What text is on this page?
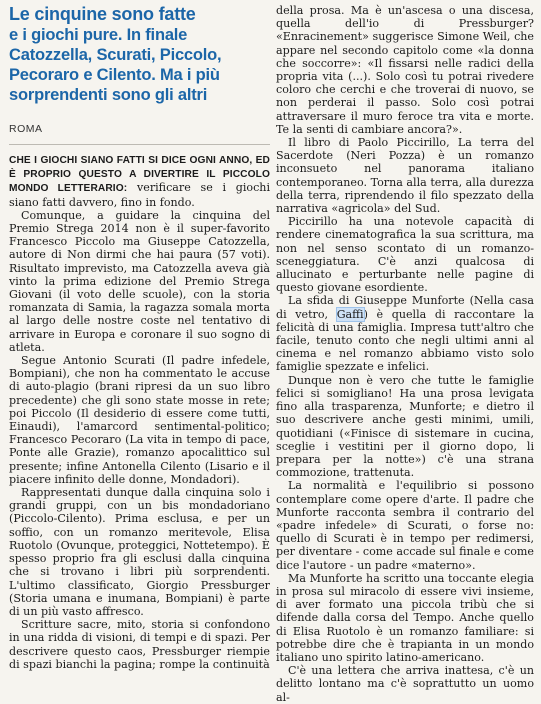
Le cinquine sono fatte
e i giochi pure. In finale Catozzella, Scurati, Piccolo, Pecoraro e Cilento. Ma i più sorprendenti sono gli altri
ROMA

CHE I GIOCHI SIANO FATTI SI DICE OGNI ANNO, ED È PROPRIO QUESTO A DIVERTIRE IL PICCOLO MONDO LETTERARIO: verificare se i giochi siano fatti davvero, fino in fondo.

Comunque, a guidare la cinquina del Premio Strega 2014 non è il super-favorito Francesco Piccolo ma Giuseppe Catozzella, autore di Non dirmi che hai paura (57 voti). Risultato imprevisto, ma Catozzella aveva già vinto la prima edizione del Premio Strega Giovani (il voto delle scuole), con la storia romanzata di Samia, la ragazza somala morta al largo delle nostre coste nel tentativo di arrivare in Europa e coronare il suo sogno di atleta.

Segue Antonio Scurati (Il padre infedele, Bompiani), che non ha commentato le accuse di auto-plagio (brani ripresi da un suo libro precedente) che gli sono state mosse in rete; poi Piccolo (Il desiderio di essere come tutti, Einaudi), l'amarcord sentimental-politico; Francesco Pecoraro (La vita in tempo di pace, Ponte alle Grazie), romanzo apocalittico sul presente; infine Antonella Cilento (Lisario e il piacere infinito delle donne, Mondadori).

Rappresentati dunque dalla cinquina solo i grandi gruppi, con un bis mondadoriano (Piccolo-Cilento). Prima esclusa, e per un soffio, con un romanzo meritevole, Elisa Ruotolo (Ovunque, proteggici, Nottetempo). È spesso proprio fra gli esclusi dalla cinquina che si trovano i libri più sorprendenti. L'ultimo classificato, Giorgio Pressburger (Storia umana e inumana, Bompiani) è parte di un più vasto affresco.

Scritture sacre, mito, storia si confondono in una ridda di visioni, di tempi e di spazi. Per descrivere questo caos, Pressburger riempie di spazi bianchi la pagina; rompe la continuità

della prosa. Ma è un'ascesa o una discesa, quella dell'io di Pressburger? «Enracinement» suggerisce Simone Weil, che appare nel secondo capitolo come «la donna che soccorre»: «Il fissarsi nelle radici della propria vita (...). Solo così tu potrai rivedere coloro che cerchi e che troverai di nuovo, se non perderai il passo. Solo così potrai attraversare il muro feroce tra vita e morte. Te la senti di cambiare ancora?».

Il libro di Paolo Piccirillo, La terra del Sacerdote (Neri Pozza) è un romanzo inconsueto nel panorama italiano contemporaneo. Torna alla terra, alla durezza della terra, riprendendo il filo spezzato della narrativa «agricola» del Sud.

Piccirillo ha una notevole capacità di rendere cinematografica la sua scrittura, ma non nel senso scontato di un romanzo-sceneggiatura. C'è anzi qualcosa di allucinato e perturbante nelle pagine di questo giovane esordiente.

La sfida di Giuseppe Munforte (Nella casa di vetro, Gaffi) è quella di raccontare la felicità di una famiglia. Impresa tutt'altro che facile, tenuto conto che negli ultimi anni al cinema e nel romanzo abbiamo visto solo famiglie spezzate e infelici.

Dunque non è vero che tutte le famiglie felici si somigliano! Ha una prosa levigata fino alla trasparenza, Munforte; e dietro il suo descrivere anche gesti minimi, umili, quotidiani («Finisce di sistemare in cucina, sceglie i vestitini per il giorno dopo, li prepara per la notte») c'è una strana commozione, trattenuta.

La normalità e l'equilibrio si possono contemplare come opere d'arte. Il padre che Munforte racconta sembra il contrario del «padre infedele» di Scurati, o forse no: quello di Scurati è in tempo per redimersi, per diventare - come accade sul finale e come dice l'autore - un padre «materno».

Ma Munforte ha scritto una toccante elegia in prosa sul miracolo di essere vivi insieme, di aver formato una piccola tribù che si difende dalla corsa del Tempo. Anche quello di Elisa Ruotolo è un romanzo familiare: si potrebbe dire che è trapianta in un mondo italiano uno spirito latino-americano.

C'è una lettera che arriva inattesa, c'è un delitto lontano ma c'è soprattutto un uomo al-
